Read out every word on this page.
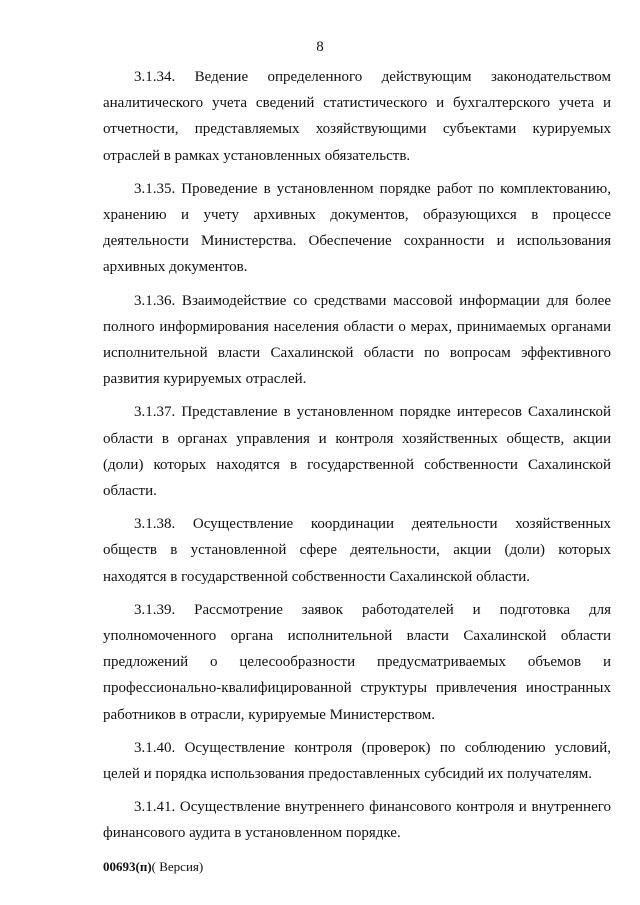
8

3.1.34. Ведение определенного действующим законодательством аналитического учета сведений статистического и бухгалтерского учета и отчетности, представляемых хозяйствующими субъектами курируемых отраслей в рамках установленных обязательств.

3.1.35. Проведение в установленном порядке работ по комплектованию, хранению и учету архивных документов, образующихся в процессе деятельности Министерства. Обеспечение сохранности и использования архивных документов.

3.1.36. Взаимодействие со средствами массовой информации для более полного информирования населения области о мерах, принимаемых органами исполнительной власти Сахалинской области по вопросам эффективного развития курируемых отраслей.

3.1.37. Представление в установленном порядке интересов Сахалинской области в органах управления и контроля хозяйственных обществ, акции (доли) которых находятся в государственной собственности Сахалинской области.

3.1.38. Осуществление координации деятельности хозяйственных обществ в установленной сфере деятельности, акции (доли) которых находятся в государственной собственности Сахалинской области.

3.1.39. Рассмотрение заявок работодателей и подготовка для уполномоченного органа исполнительной власти Сахалинской области предложений о целесообразности предусматриваемых объемов и профессионально-квалифицированной структуры привлечения иностранных работников в отрасли, курируемые Министерством.

3.1.40. Осуществление контроля (проверок) по соблюдению условий, целей и порядка использования предоставленных субсидий их получателям.

3.1.41. Осуществление внутреннего финансового контроля и внутреннего финансового аудита в установленном порядке.

00693(п)( Версия)
